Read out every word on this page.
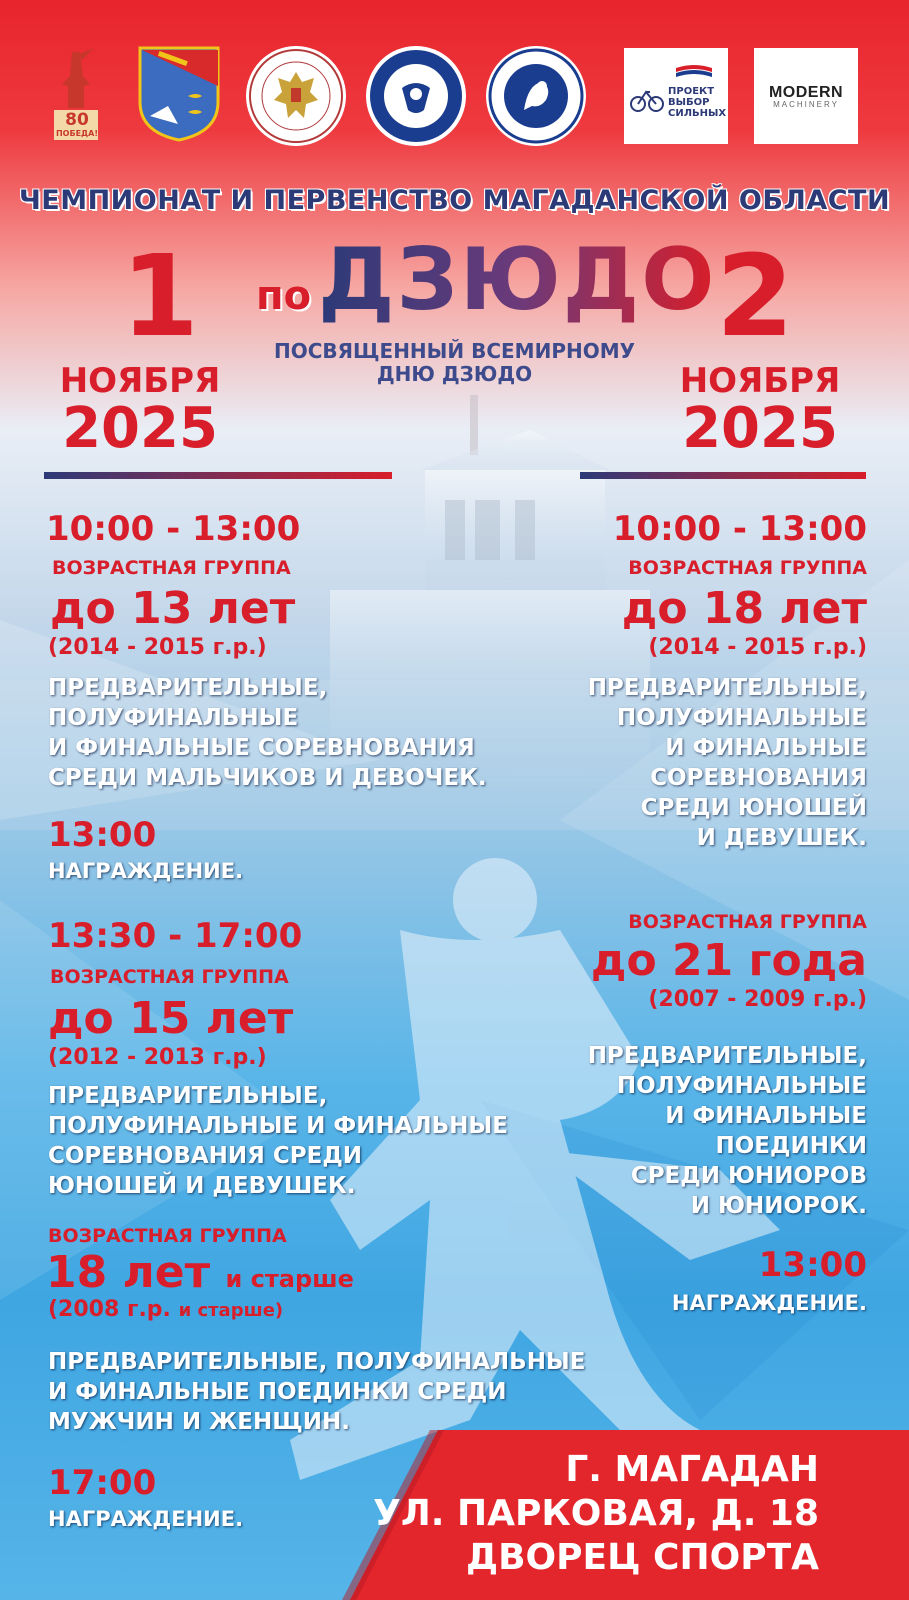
80
ПОБЕДА!
ПРОЕКТ
ВЫБОР
СИЛЬНЫХ
MODERN
MACHINERY
ЧЕМПИОНАТ И ПЕРВЕНСТВО МАГАДАНСКОЙ ОБЛАСТИ
по ДЗЮДО
ПОСВЯЩЕННЫЙ ВСЕМИРНОМУ
ДНЮ ДЗЮДО
1
НОЯБРЯ
2025
2
НОЯБРЯ
2025
10:00 - 13:00
ВОЗРАСТНАЯ ГРУППА
до 13 лет
(2014 - 2015 г.р.)
ПРЕДВАРИТЕЛЬНЫЕ,
ПОЛУФИНАЛЬНЫЕ
И ФИНАЛЬНЫЕ СОРЕВНОВАНИЯ
СРЕДИ МАЛЬЧИКОВ И ДЕВОЧЕК.
13:00
НАГРАЖДЕНИЕ.
13:30 - 17:00
ВОЗРАСТНАЯ ГРУППА
до 15 лет
(2012 - 2013 г.р.)
ПРЕДВАРИТЕЛЬНЫЕ,
ПОЛУФИНАЛЬНЫЕ И ФИНАЛЬНЫЕ
СОРЕВНОВАНИЯ СРЕДИ
ЮНОШЕЙ И ДЕВУШЕК.
ВОЗРАСТНАЯ ГРУППА
18 лет и старше
(2008 г.р. и старше)
ПРЕДВАРИТЕЛЬНЫЕ, ПОЛУФИНАЛЬНЫЕ
И ФИНАЛЬНЫЕ ПОЕДИНКИ СРЕДИ
МУЖЧИН И ЖЕНЩИН.
17:00
НАГРАЖДЕНИЕ.
10:00 - 13:00
ВОЗРАСТНАЯ ГРУППА
до 18 лет
(2014 - 2015 г.р.)
ПРЕДВАРИТЕЛЬНЫЕ,
ПОЛУФИНАЛЬНЫЕ
И ФИНАЛЬНЫЕ
СОРЕВНОВАНИЯ
СРЕДИ ЮНОШЕЙ
И ДЕВУШЕК.
ВОЗРАСТНАЯ ГРУППА
до 21 года
(2007 - 2009 г.р.)
ПРЕДВАРИТЕЛЬНЫЕ,
ПОЛУФИНАЛЬНЫЕ
И ФИНАЛЬНЫЕ
ПОЕДИНКИ
СРЕДИ ЮНИОРОВ
И ЮНИОРОК.
13:00
НАГРАЖДЕНИЕ.
Г. МАГАДАН
УЛ. ПАРКОВАЯ, Д. 18
ДВОРЕЦ СПОРТА
